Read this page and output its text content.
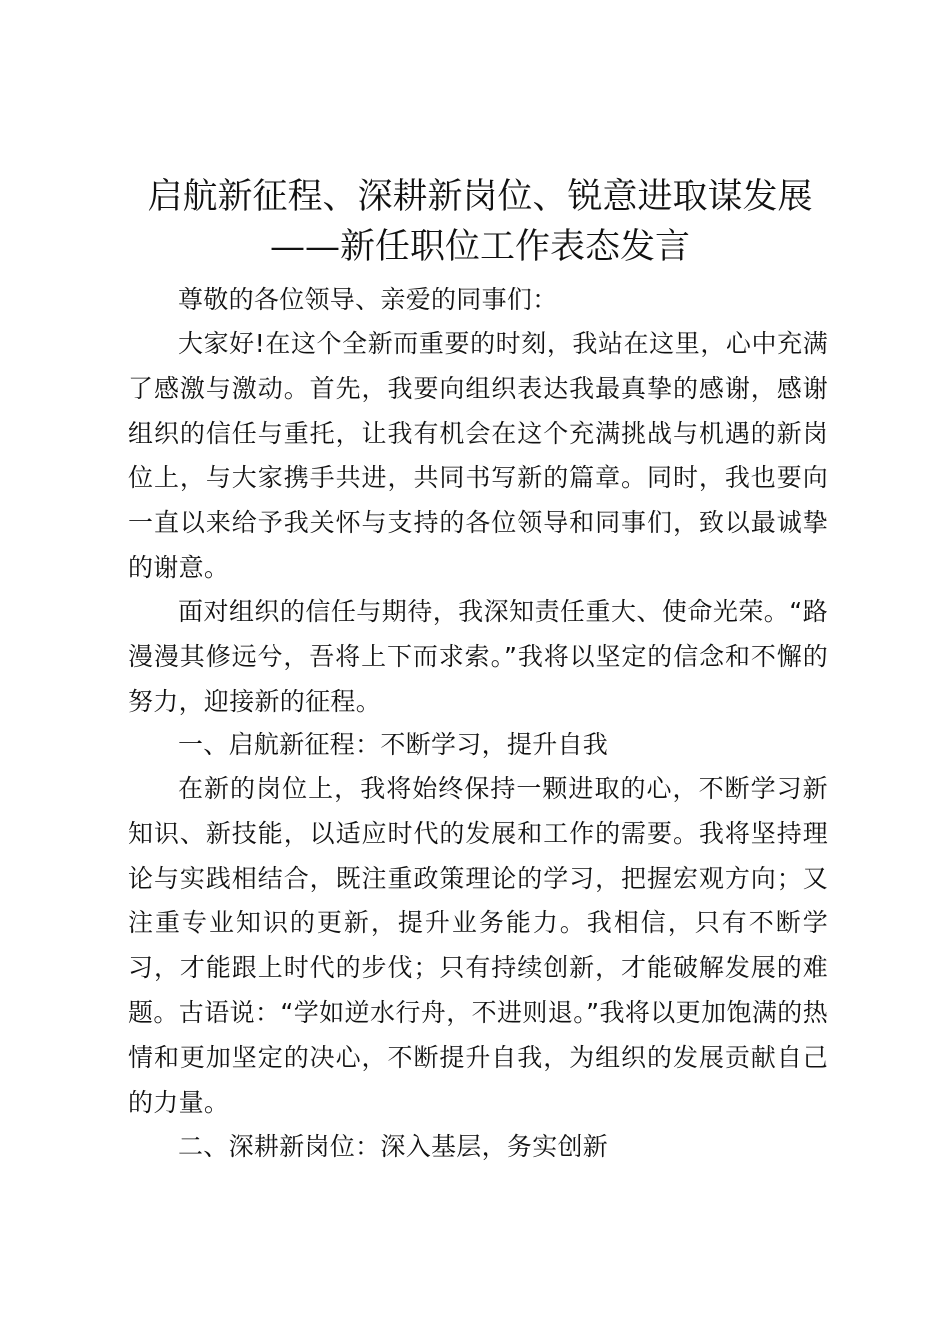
启航新征程、深耕新岗位、锐意进取谋发展
——新任职位工作表态发言

尊敬的各位领导、亲爱的同事们：

大家好!在这个全新而重要的时刻，我站在这里，心中充满了感激与激动。首先，我要向组织表达我最真挚的感谢，感谢组织的信任与重托，让我有机会在这个充满挑战与机遇的新岗位上，与大家携手共进，共同书写新的篇章。同时，我也要向一直以来给予我关怀与支持的各位领导和同事们，致以最诚挚的谢意。

面对组织的信任与期待，我深知责任重大、使命光荣。“路漫漫其修远兮，吾将上下而求索。”我将以坚定的信念和不懈的努力，迎接新的征程。

一、启航新征程：不断学习，提升自我

在新的岗位上，我将始终保持一颗进取的心，不断学习新知识、新技能，以适应时代的发展和工作的需要。我将坚持理论与实践相结合，既注重政策理论的学习，把握宏观方向；又注重专业知识的更新，提升业务能力。我相信，只有不断学习，才能跟上时代的步伐；只有持续创新，才能破解发展的难题。古语说：“学如逆水行舟，不进则退。”我将以更加饱满的热情和更加坚定的决心，不断提升自我，为组织的发展贡献自己的力量。

二、深耕新岗位：深入基层，务实创新
